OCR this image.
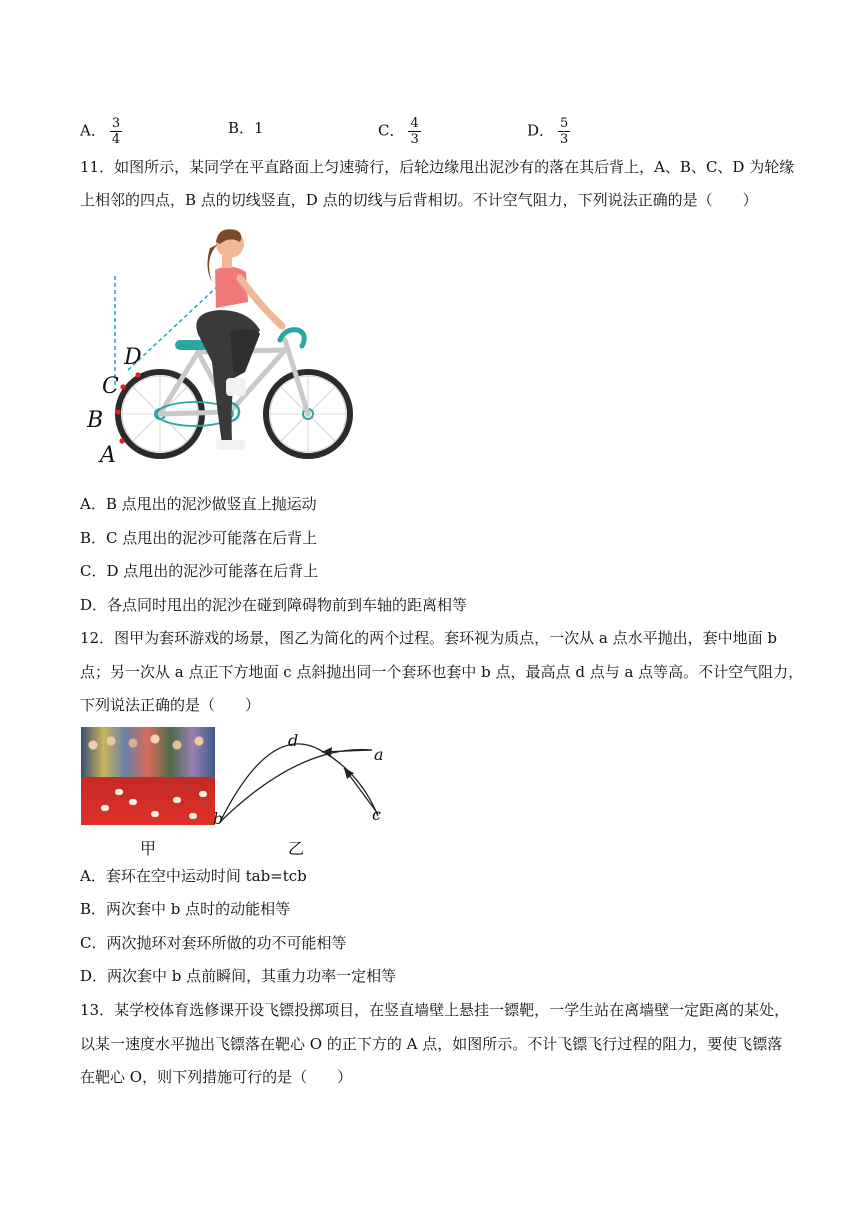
A． $\frac{3}{4}$	B．1	C． $\frac{4}{3}$	D． $\frac{5}{3}$
11．如图所示，某同学在平直路面上匀速骑行，后轮边缘甩出泥沙有的落在其后背上，A、B、C、D 为轮缘
上相邻的四点，B 点的切线竖直，D 点的切线与后背相切。不计空气阻力，下列说法正确的是（　　）
D
C
B
A
A．B 点甩出的泥沙做竖直上抛运动
B．C 点甩出的泥沙可能落在后背上
C．D 点甩出的泥沙可能落在后背上
D．各点同时甩出的泥沙在碰到障碍物前到车轴的距离相等
12．图甲为套环游戏的场景，图乙为简化的两个过程。套环视为质点，一次从 a 点水平抛出，套中地面 b
点；另一次从 a 点正下方地面 c 点斜抛出同一个套环也套中 b 点，最高点 d 点与 a 点等高。不计空气阻力，
下列说法正确的是（　　）
d
a
c
b
甲	乙
A．套环在空中运动时间 tab=tcb
B．两次套中 b 点时的动能相等
C．两次抛环对套环所做的功不可能相等
D．两次套中 b 点前瞬间，其重力功率一定相等
13．某学校体育选修课开设飞镖投掷项目，在竖直墙壁上悬挂一镖靶，一学生站在离墙壁一定距离的某处，
以某一速度水平抛出飞镖落在靶心 O 的正下方的 A 点，如图所示。不计飞镖飞行过程的阻力，要使飞镖落
在靶心 O，则下列措施可行的是（　　）
